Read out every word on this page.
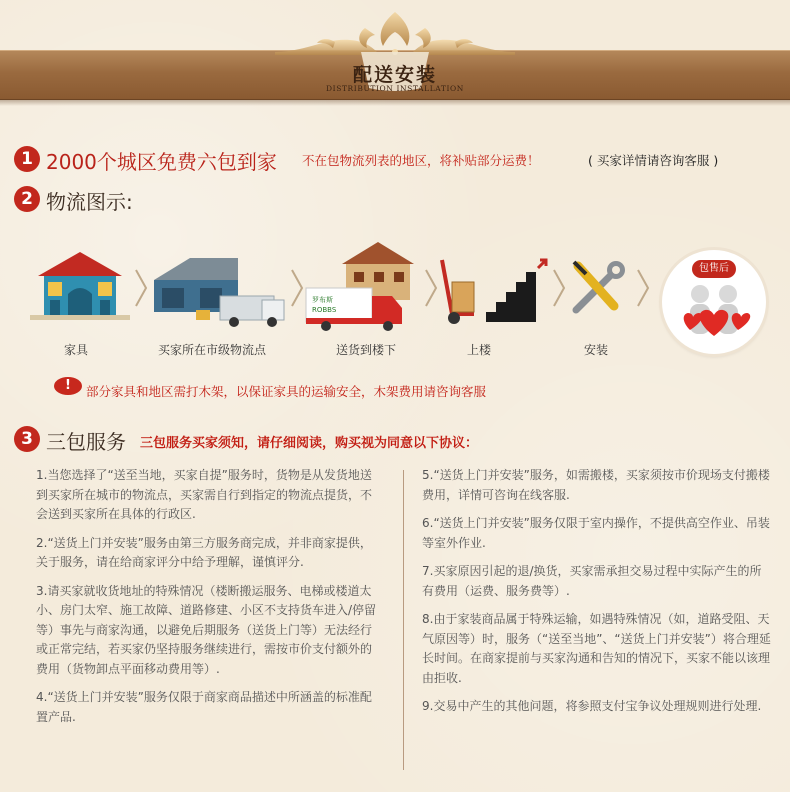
配送安装
DISTRIBUTION INSTALLATION
1 2000个城区免费六包到家 不在包物流列表的地区，将补贴部分运费！	( 买家详情请咨询客服 )
2 物流图示:
罗布斯
ROBBS
包售后
家具	买家所在市级物流点	送货到楼下	上楼	安装
!	部分家具和地区需打木架，以保证家具的运输安全，木架费用请咨询客服
3 三包服务 三包服务买家须知，请仔细阅读，购买视为同意以下协议：

1.当您选择了“送至当地，买家自提”服务时，货物是从发货地送到买家所在城市的物流点，买家需自行到指定的物流点提货，不会送到买家所在具体的行政区.

2.“送货上门并安装”服务由第三方服务商完成，并非商家提供，关于服务，请在给商家评分中给予理解，谨慎评分.

3.请买家就收货地址的特殊情况（楼断搬运服务、电梯或楼道太小、房门太窄、施工故障、道路修建、小区不支持货车进入/停留等）事先与商家沟通，以避免后期服务（送货上门等）无法经行或正常完结，若买家仍坚持服务继续进行，需按市价支付额外的费用（货物卸点平面移动费用等）.

4.“送货上门并安装”服务仅限于商家商品描述中所涵盖的标准配置产品.

5.“送货上门并安装”服务，如需搬楼，买家须按市价现场支付搬楼费用，详情可咨询在线客服.

6.“送货上门并安装”服务仅限于室内操作，不提供高空作业、吊装等室外作业.

7.买家原因引起的退/换货，买家需承担交易过程中实际产生的所有费用（运费、服务费等）.

8.由于家装商品属于特殊运输，如遇特殊情况（如，道路受阻、天气原因等）时，服务（“送至当地”、“送货上门并安装”）将合理延长时间。在商家提前与买家沟通和告知的情况下，买家不能以该理由拒收.

9.交易中产生的其他问题，将参照支付宝争议处理规则进行处理.
